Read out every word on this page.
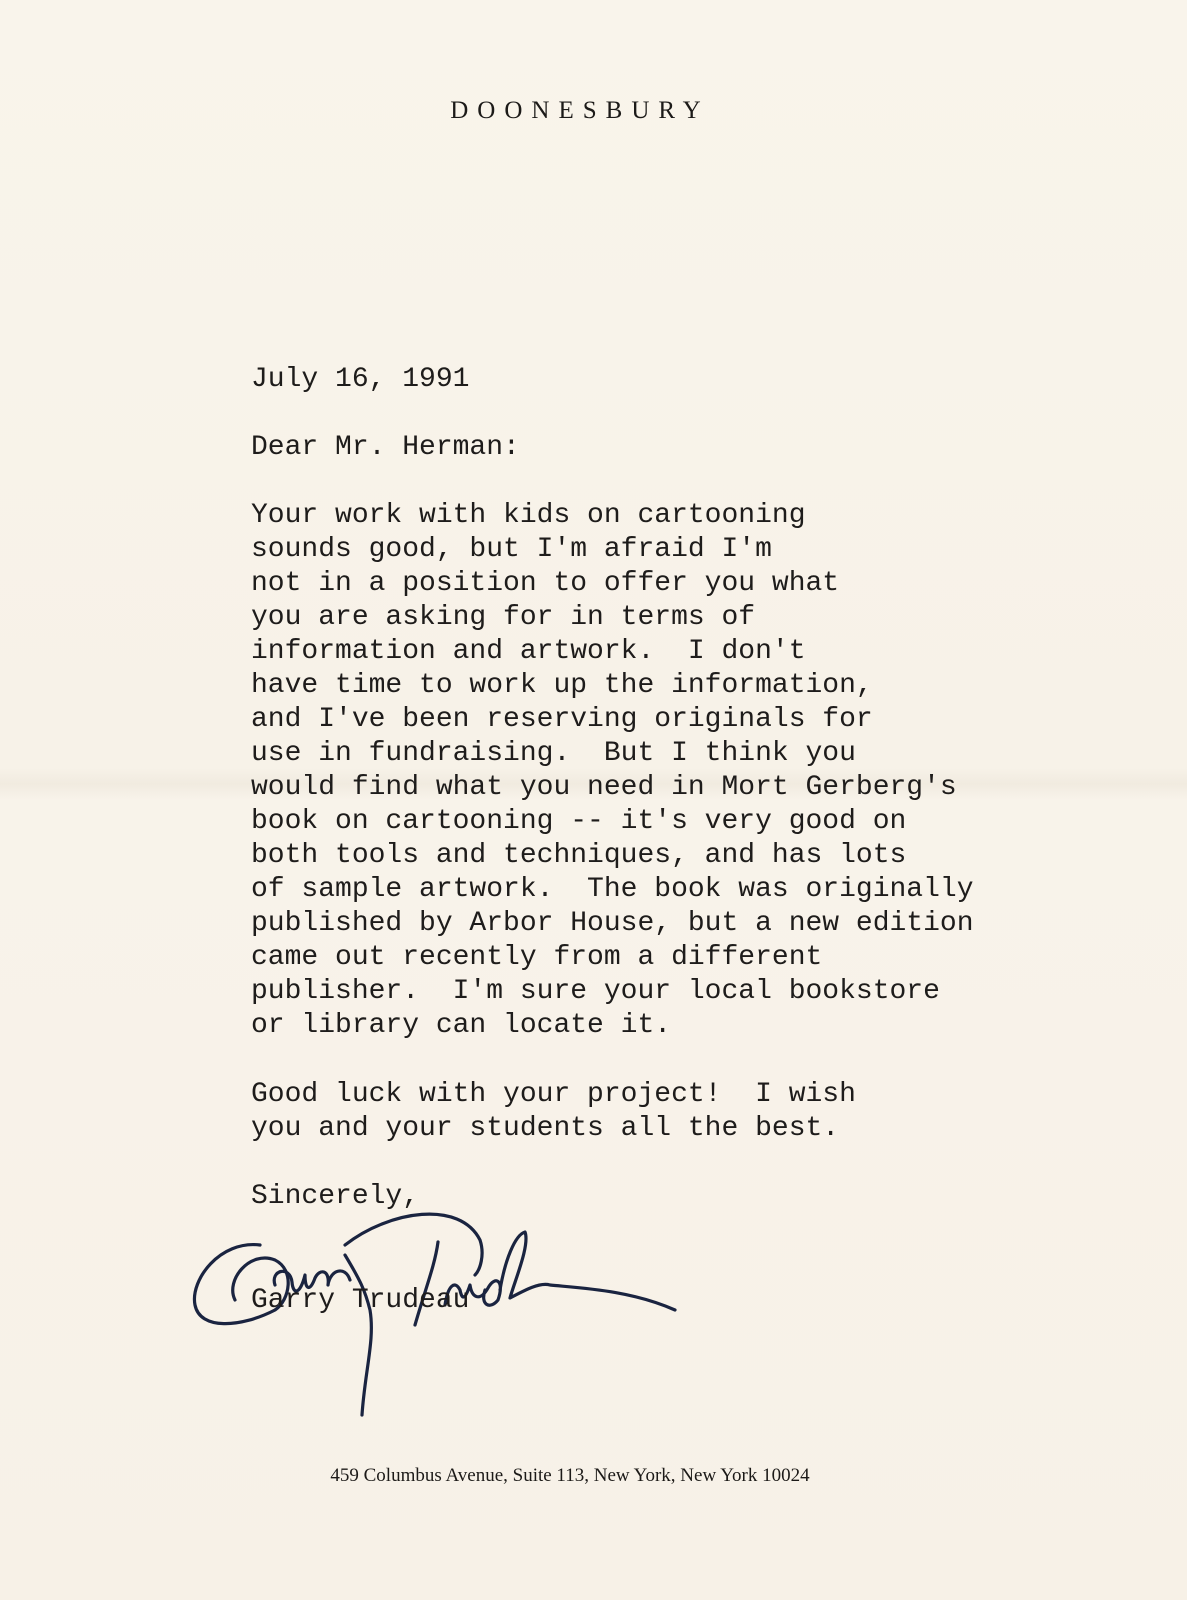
DOONESBURY
July 16, 1991
Dear Mr. Herman:
Your work with kids on cartooning
sounds good, but I'm afraid I'm
not in a position to offer you what
you are asking for in terms of
information and artwork.  I don't
have time to work up the information,
and I've been reserving originals for
use in fundraising.  But I think you
would find what you need in Mort Gerberg's
book on cartooning -- it's very good on
both tools and techniques, and has lots
of sample artwork.  The book was originally
published by Arbor House, but a new edition
came out recently from a different
publisher.  I'm sure your local bookstore
or library can locate it.
Good luck with your project!  I wish
you and your students all the best.
Sincerely,
Garry Trudeau
459 Columbus Avenue, Suite 113, New York, New York 10024
